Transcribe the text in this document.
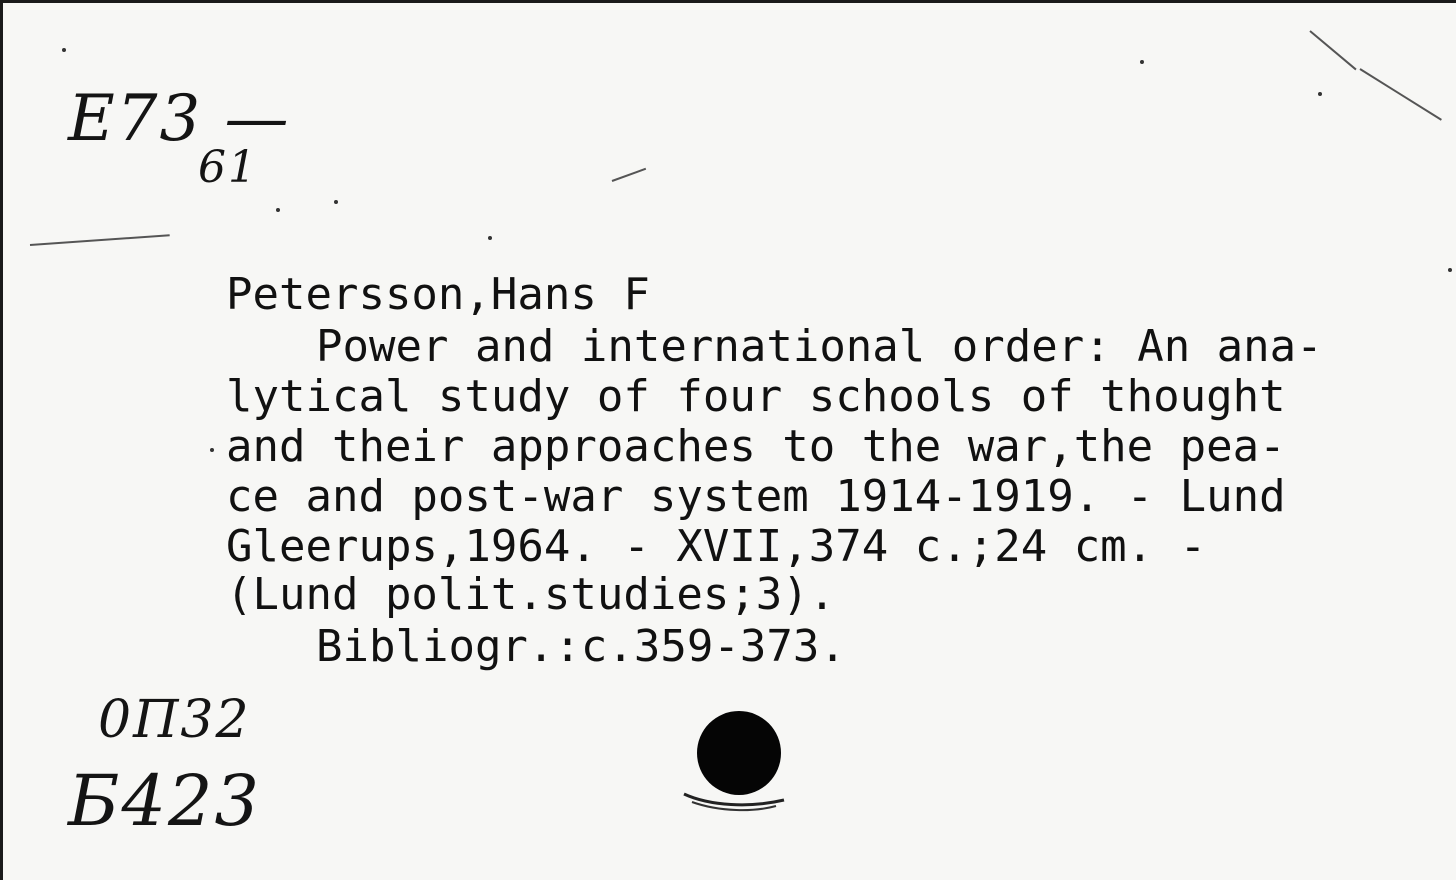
E73 —
61

Petersson,Hans F

Power and international order: An ana-

lytical study of four schools of thought

and their approaches to the war,the pea-

ce and post-war system 1914-1919. - Lund

Gleerups,1964. - XVII,374 c.;24 cm. -

(Lund polit.studies;3).

Bibliogr.:c.359-373.

0П32
Б423
